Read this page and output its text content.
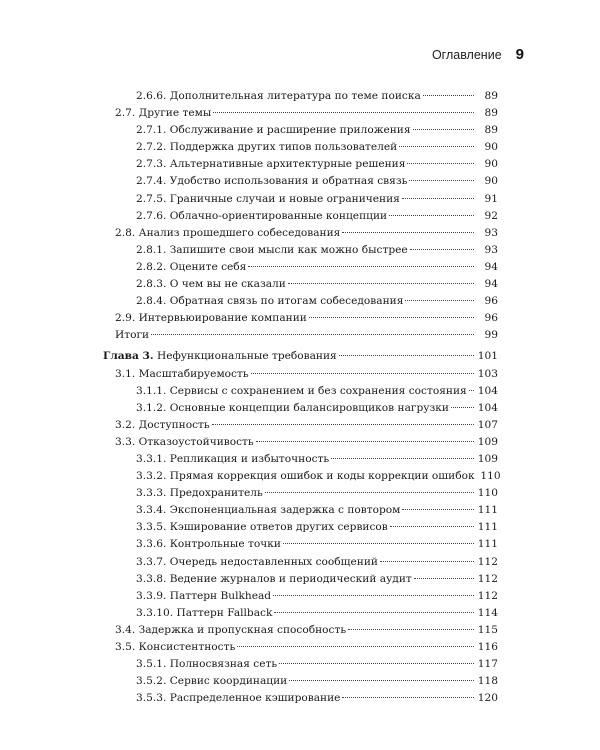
Оглавление 9
2.6.6. Дополнительная литература по теме поиска	89
2.7. Другие темы	89
2.7.1. Обслуживание и расширение приложения	89
2.7.2. Поддержка других типов пользователей	90
2.7.3. Альтернативные архитектурные решения	90
2.7.4. Удобство использования и обратная связь	90
2.7.5. Граничные случаи и новые ограничения	91
2.7.6. Облачно-ориентированные концепции	92
2.8. Анализ прошедшего собеседования	93
2.8.1. Запишите свои мысли как можно быстрее	93
2.8.2. Оцените себя	94
2.8.3. О чем вы не сказали	94
2.8.4. Обратная связь по итогам собеседования	96
2.9. Интервьюирование компании	96
Итоги	99
Глава 3. Нефункциональные требования	101
3.1. Масштабируемость	103
3.1.1. Сервисы с сохранением и без сохранения состояния 104
3.1.2. Основные концепции балансировщиков нагрузки	104
3.2. Доступность	107
3.3. Отказоустойчивость	109
3.3.1. Репликация и избыточность	109
3.3.2. Прямая коррекция ошибок и коды коррекции ошибок 110
3.3.3. Предохранитель	110
3.3.4. Экспоненциальная задержка с повтором	111
3.3.5. Кэширование ответов других сервисов	111
3.3.6. Контрольные точки	111
3.3.7. Очередь недоставленных сообщений	112
3.3.8. Ведение журналов и периодический аудит	112
3.3.9. Паттерн Bulkhead	112
3.3.10. Паттерн Fallback	114
3.4. Задержка и пропускная способность	115
3.5. Консистентность	116
3.5.1. Полносвязная сеть	117
3.5.2. Сервис координации	118
3.5.3. Распределенное кэширование	120
